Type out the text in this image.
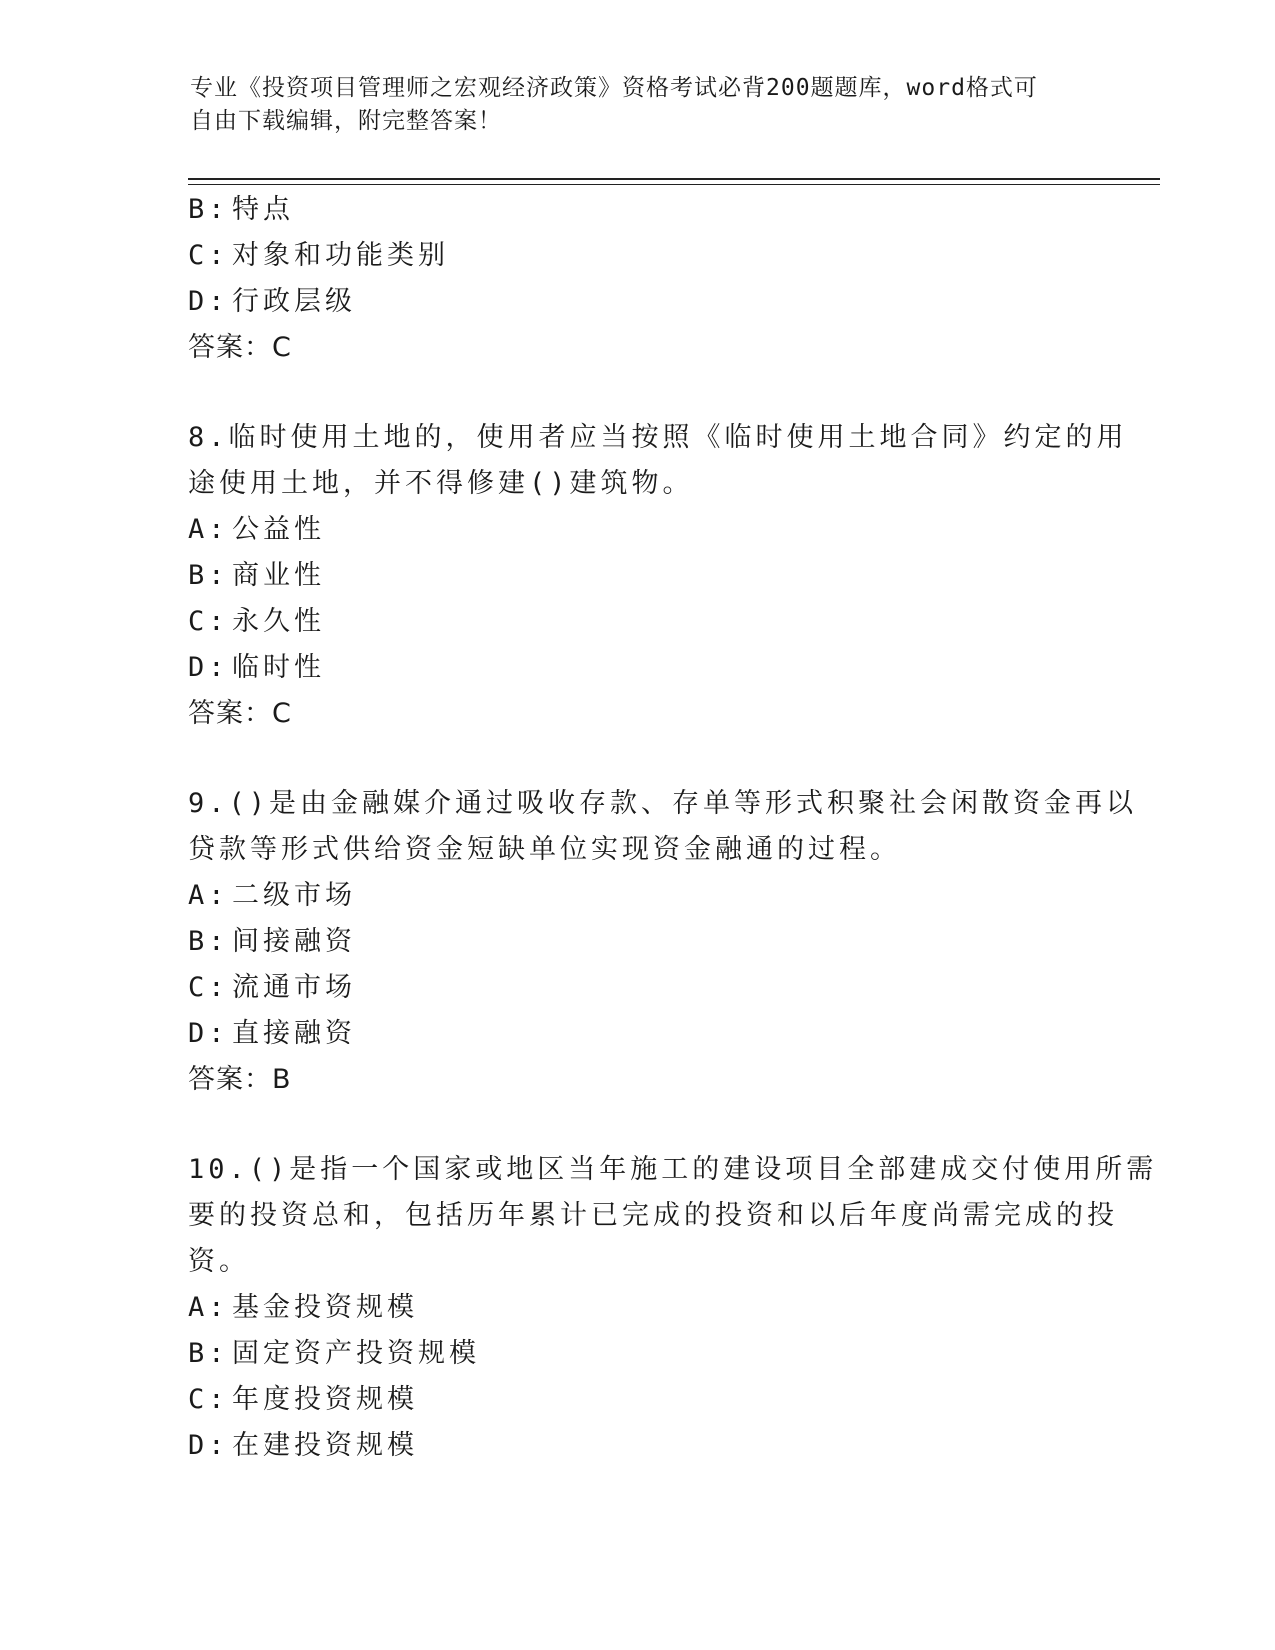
专业《投资项目管理师之宏观经济政策》资格考试必背200题题库，word格式可
自由下载编辑，附完整答案！
B: 特点
C: 对象和功能类别
D: 行政层级
答案：C
8.临时使用土地的，使用者应当按照《临时使用土地合同》约定的用
途使用土地，并不得修建()建筑物。
A: 公益性
B: 商业性
C: 永久性
D: 临时性
答案：C
9.()是由金融媒介通过吸收存款、存单等形式积聚社会闲散资金再以
贷款等形式供给资金短缺单位实现资金融通的过程。
A: 二级市场
B: 间接融资
C: 流通市场
D: 直接融资
答案：B
10.()是指一个国家或地区当年施工的建设项目全部建成交付使用所需
要的投资总和，包括历年累计已完成的投资和以后年度尚需完成的投
资。
A: 基金投资规模
B: 固定资产投资规模
C: 年度投资规模
D: 在建投资规模
